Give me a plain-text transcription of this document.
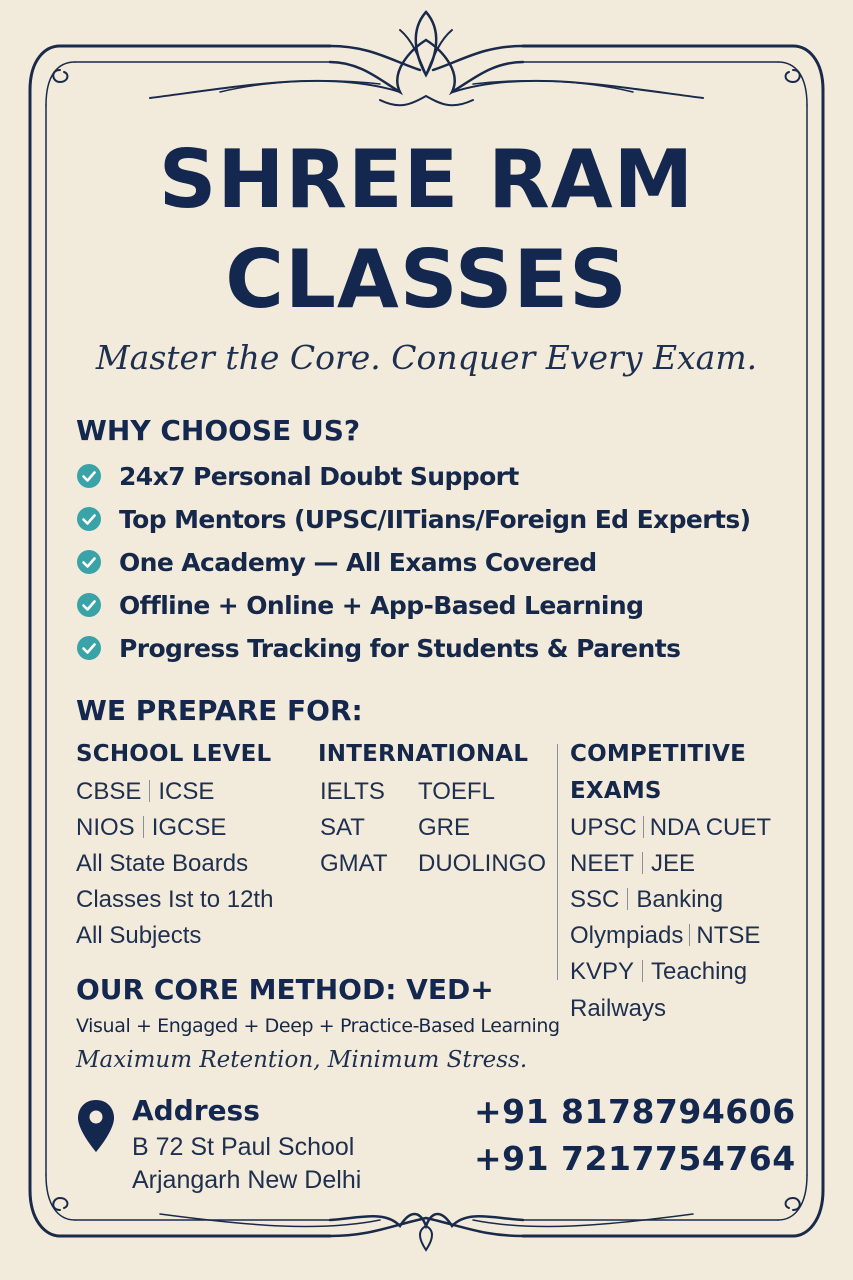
SHREE RAM
CLASSES
Master the Core. Conquer Every Exam.
WHY CHOOSE US?
24x7 Personal Doubt Support
Top Mentors (UPSC/IITians/Foreign Ed Experts)
One Academy — All Exams Covered
Offline + Online + App-Based Learning
Progress Tracking for Students & Parents
WE PREPARE FOR:
SCHOOL LEVEL
CBSE ICSE
NIOS IGCSE
All State Boards
Classes Ist to 12th
All Subjects
INTERNATIONAL
IELTS TOEFL
SAT GRE
GMAT DUOLINGO
COMPETITIVE
EXAMS
UPSC NDA CUET
NEET JEE
SSC Banking
Olympiads NTSE
KVPY Teaching
Railways
OUR CORE METHOD: VED+
Visual + Engaged + Deep + Practice-Based Learning
Maximum Retention, Minimum Stress.
Address
B 72 St Paul School
Arjangarh New Delhi
+91 8178794606
+91 7217754764
